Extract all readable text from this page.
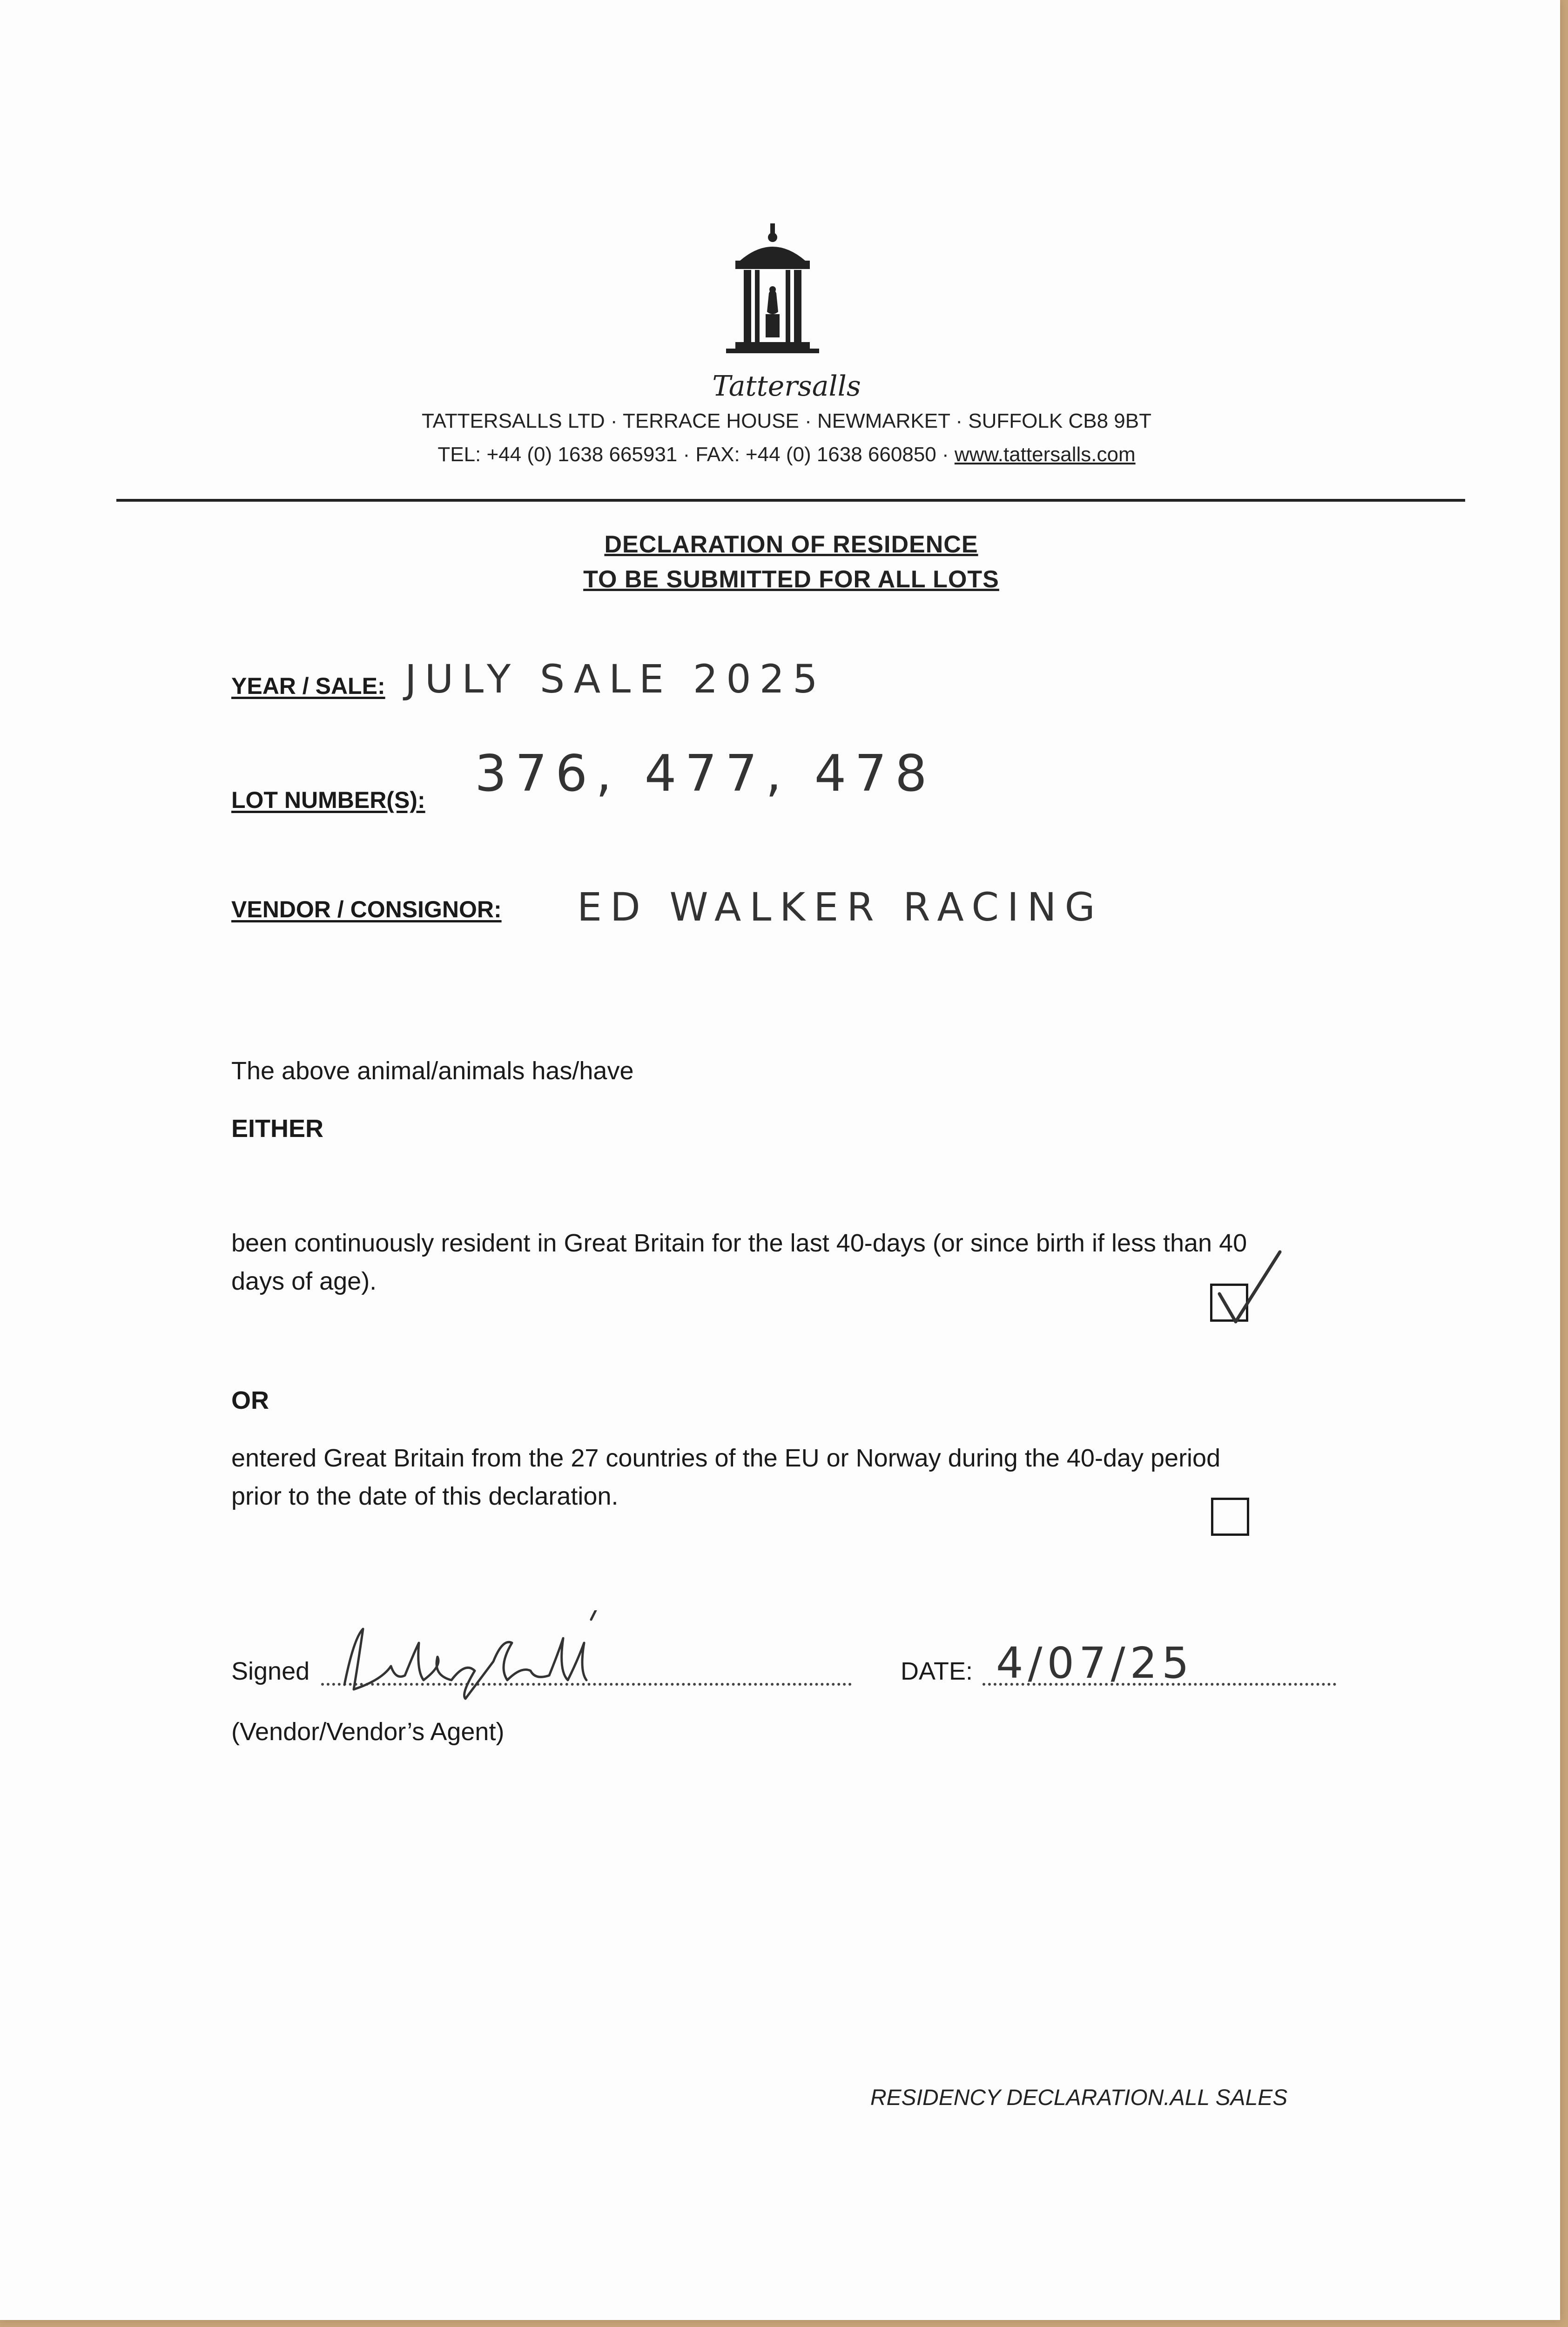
Tattersalls
TATTERSALLS LTD · TERRACE HOUSE · NEWMARKET · SUFFOLK CB8 9BT
TEL: +44 (0) 1638 665931 · FAX: +44 (0) 1638 660850 · www.tattersalls.com
DECLARATION OF RESIDENCE
TO BE SUBMITTED FOR ALL LOTS
YEAR / SALE: JULY SALE 2025
LOT NUMBER(S): 376, 477, 478
VENDOR / CONSIGNOR: ED WALKER RACING
The above animal/animals has/have
EITHER
been continuously resident in Great Britain for the last 40-days (or since birth if less than 40
days of age).
OR
entered Great Britain from the 27 countries of the EU or Norway during the 40-day period
prior to the date of this declaration.
Signed	DATE: 4/07/25
(Vendor/Vendor’s Agent)
RESIDENCY DECLARATION.ALL SALES
